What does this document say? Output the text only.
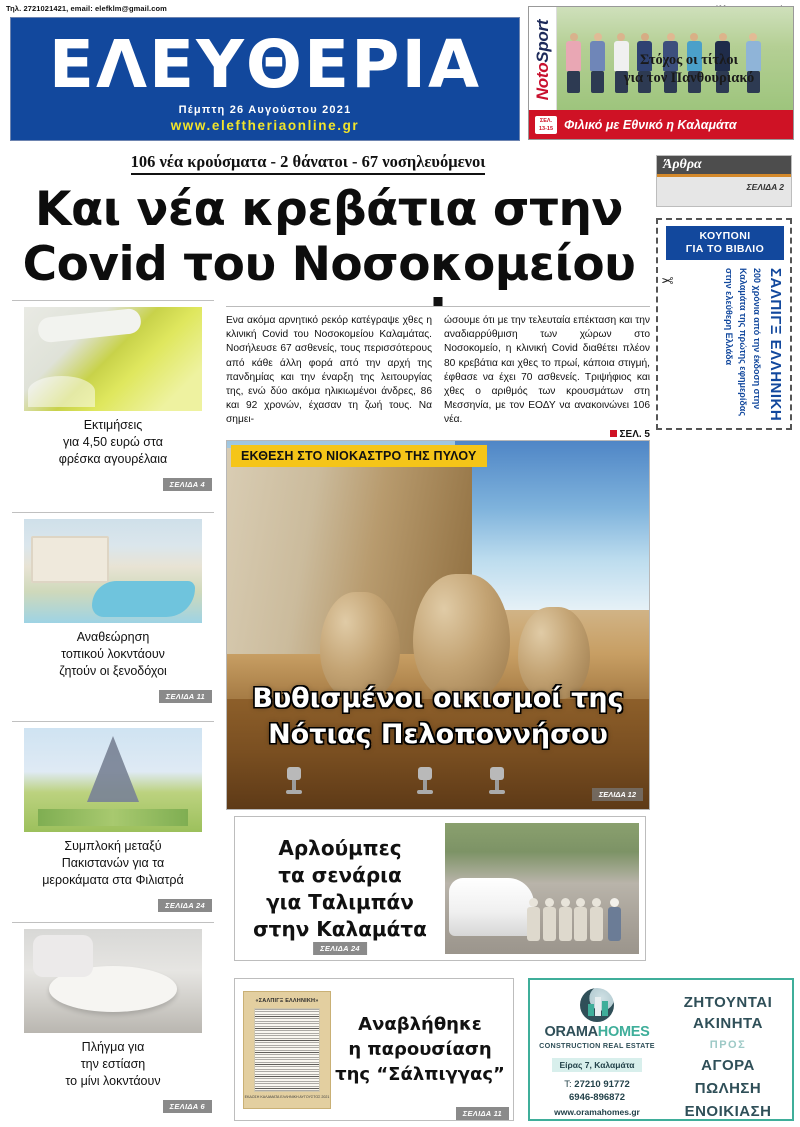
Τηλ. 2721021421, email: elefklm@gmail.com
ΕΛΕΥΘΕΡΙΑ
Πέμπτη 26 Αυγούστου 2021
www.eleftheriaonline.gr
Στόχος οι τίτλοι
για τον Πανθουριακό
NotoSport
ΣΕΛ.
13-15 Φιλικό με Εθνικό η Καλαμάτα
106 νέα κρούσματα - 2 θάνατοι - 67 νοσηλευόμενοι
Και νέα κρεβάτια στην
Covid του Νοσοκομείου
Άρθρα
ΣΕΛΙΔΑ 2
ΚΟΥΠΟΝΙ
ΓΙΑ ΤΟ ΒΙΒΛΙΟ
✂	ΣΑΛΠΙΓΞ ΕΛΛΗΝΙΚΗ
200 χρόνια από την έκδοση στην Καλαμάτα της πρώτης εφημερίδας στην ελεύθερη Ελλάδα

Ενα ακόμα αρνητικό ρεκόρ κατέγραψε χθες η κλινική Covid του Νοσοκομείου Καλαμάτας. Νοσήλευσε 67 ασθενείς, τους περισσότερους από κάθε άλλη φορά από την αρχή της πανδημίας και την έναρξη της λειτουργίας της, ενώ δύο ακόμα ηλικιωμένοι άνδρες, 86 και 92 χρονών, έχασαν τη ζωή τους. Να σημει-

ώσουμε ότι με την τελευταία επέκταση και την αναδιαρρύθμιση των χώρων στο Νοσοκομείο, η κλινική Covid διαθέτει πλέον 80 κρεβάτια και χθες το πρωί, κάποια στιγμή, έφθασε να έχει 70 ασθενείς. Τριψήφιος και χθες ο αριθμός των κρουσμάτων στη Μεσσηνία, με τον ΕΟΔΥ να ανακοινώνει 106 νέα.

ΣΕΛ. 5
Εκτιμήσεις
για 4,50 ευρώ στα
φρέσκα αγουρέλαια
ΣΕΛΙΔΑ 4
Αναθεώρηση
τοπικού λοκντάουν
ζητούν οι ξενοδόχοι
ΣΕΛΙΔΑ 11
Συμπλοκή μεταξύ
Πακιστανών για τα
μεροκάματα στα Φιλιατρά
ΣΕΛΙΔΑ 24
Πλήγμα για
την εστίαση
το μίνι λοκντάουν
ΣΕΛΙΔΑ 6
ΕΚΘΕΣΗ ΣΤΟ ΝΙΟΚΑΣΤΡΟ ΤΗΣ ΠΥΛΟΥ
Βυθισμένοι οικισμοί της
Νότιας Πελοποννήσου
ΣΕΛΙΔΑ 12
Αρλούμπες
τα σενάρια
για Ταλιμπάν
στην Καλαμάτα
ΣΕΛΙΔΑ 24
«ΣΑΛΠΙΓΞ ΕΛΛΗΝΙΚΗ»
ΕΚΔΟΣΗ ΚΑΛΑΜΑΤΑ ΕΛΛΗΝΙΚΗ ΑΥΓΟΥΣΤΟΣ 2021
Αναβλήθηκε
η παρουσίαση
της “Σάλπιγγας”
ΣΕΛΙΔΑ 11
ORAMAHOMES
CONSTRUCTION REAL ESTATE
Είρας 7, Καλαμάτα
Τ: 27210 91772
6946-896872
www.oramahomes.gr
ΖΗΤΟΥΝΤΑΙ
ΑΚΙΝΗΤΑ
ΠΡΟΣ
ΑΓΟΡΑ
ΠΩΛΗΣΗ
ΕΝΟΙΚΙΑΣΗ
